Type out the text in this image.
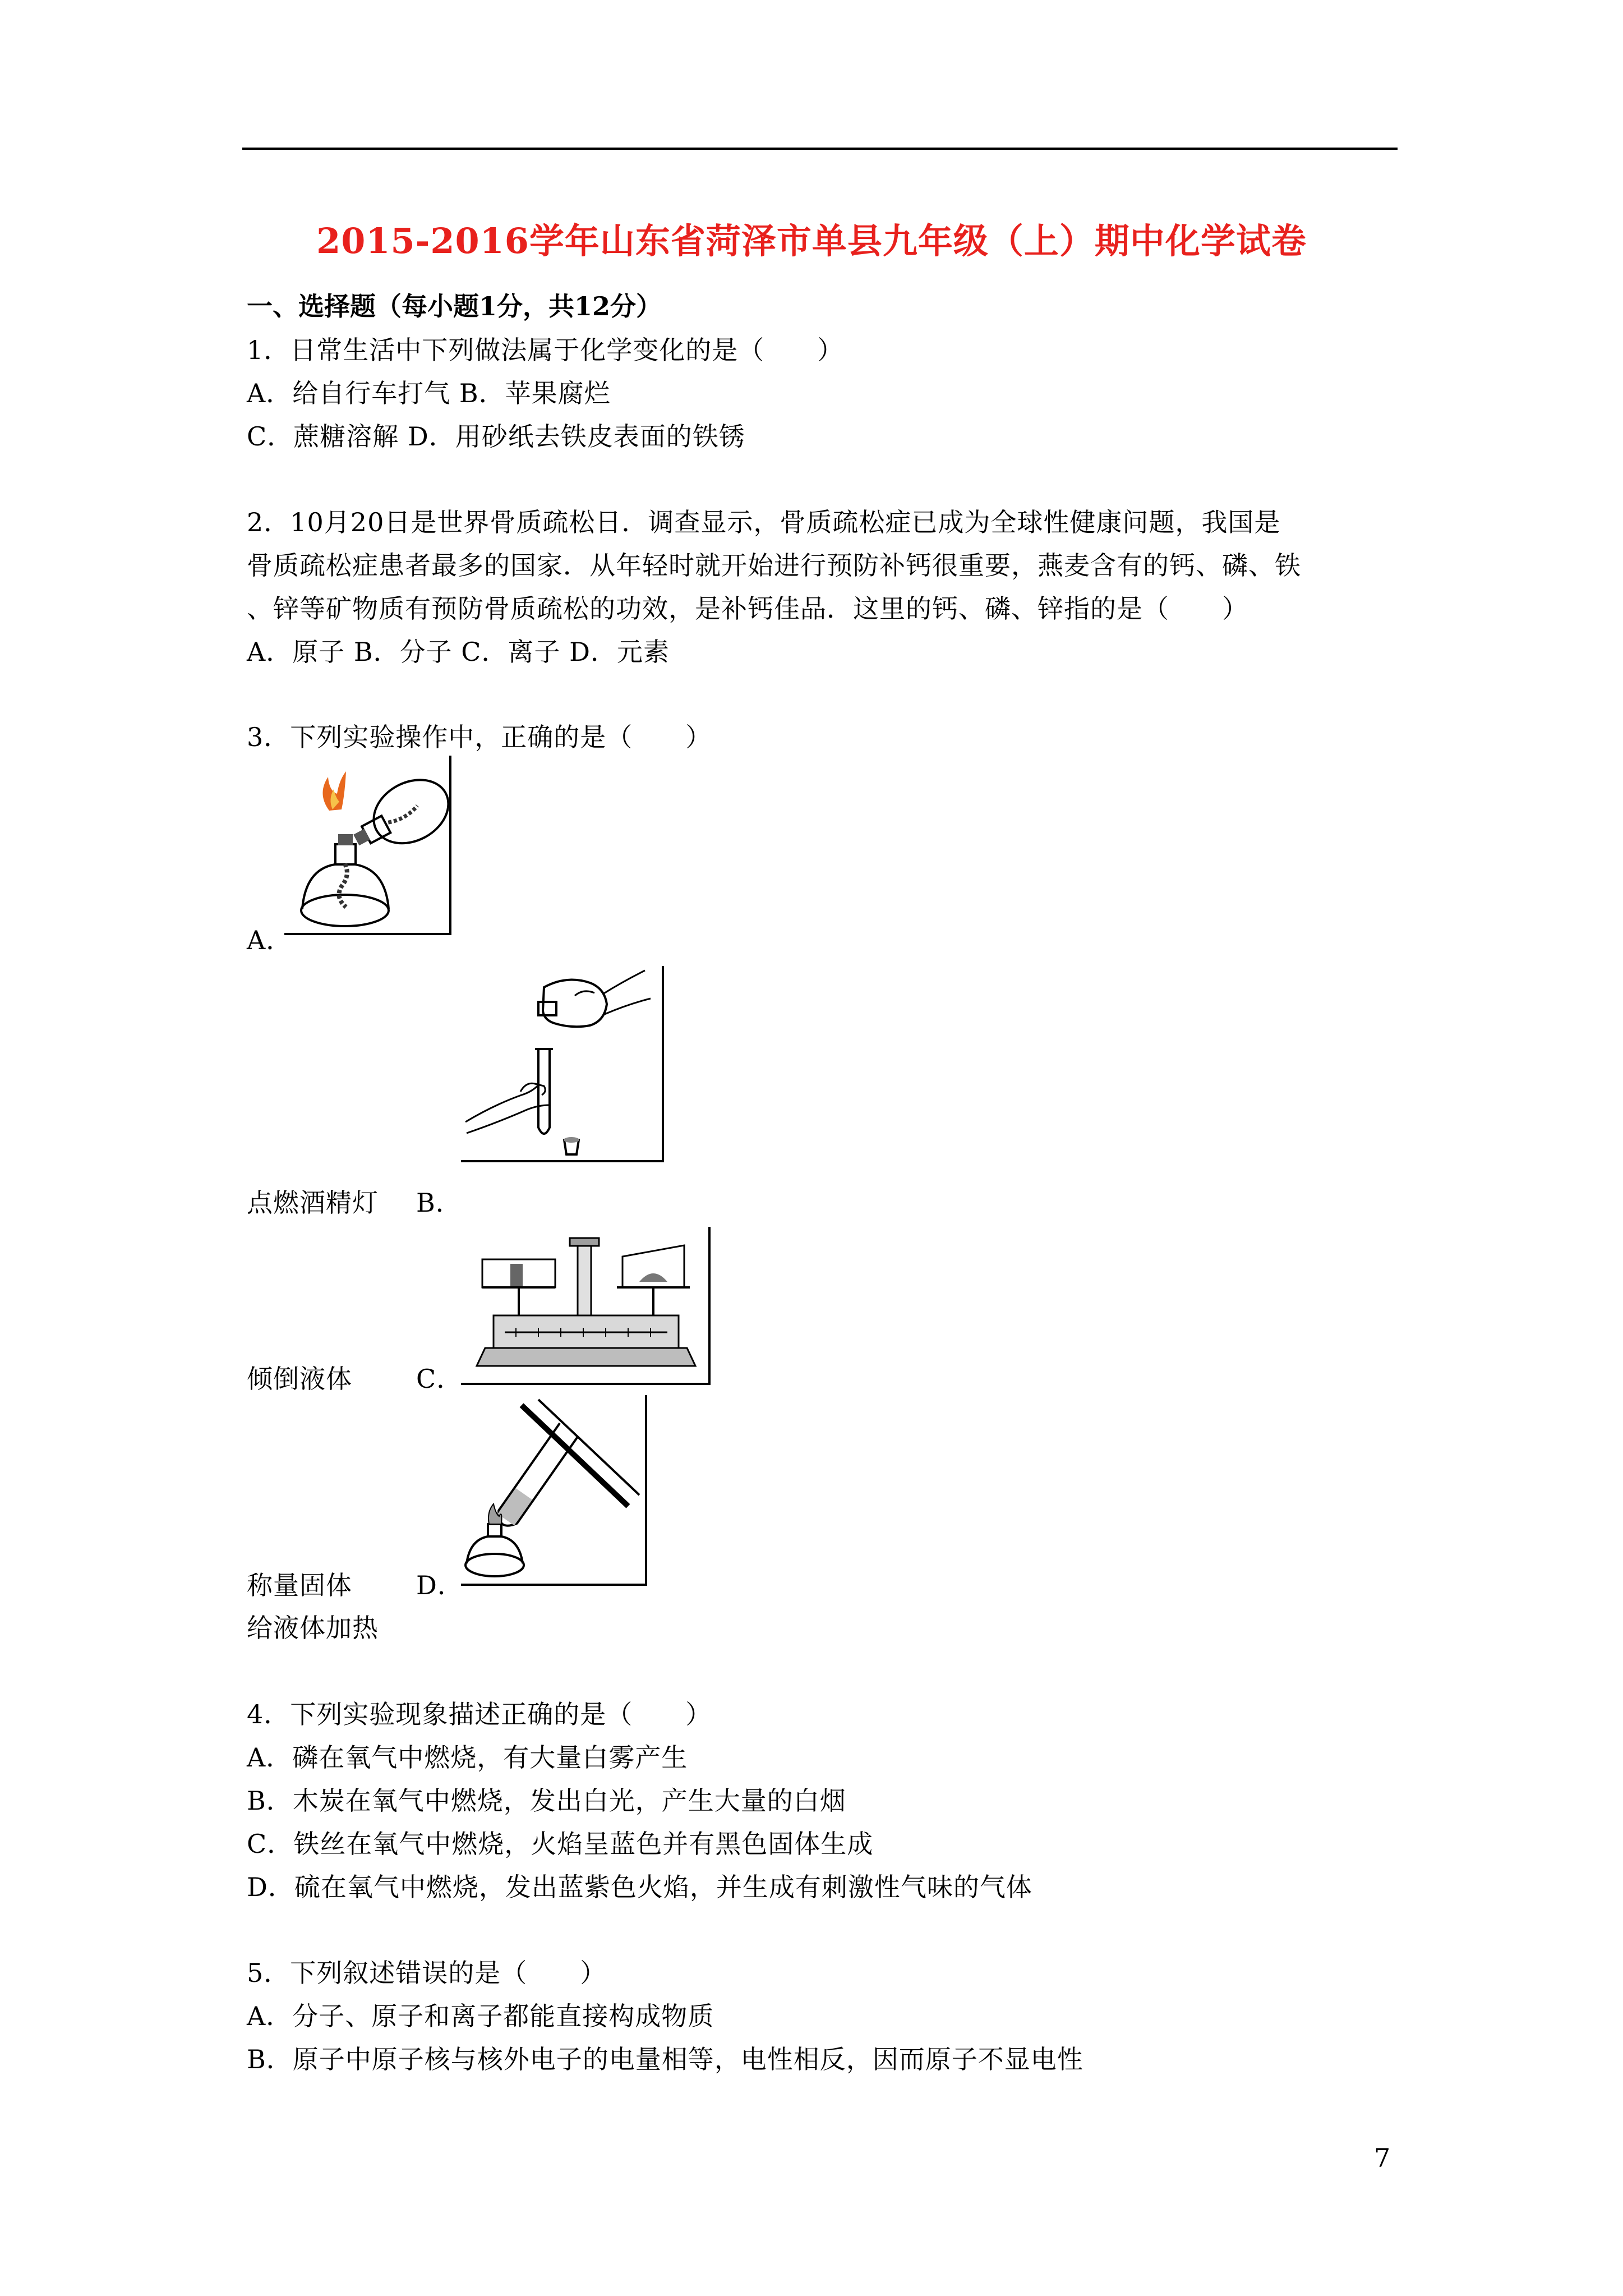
2015-2016学年山东省菏泽市单县九年级（上）期中化学试卷
一、选择题（每小题1分，共12分）
1．日常生活中下列做法属于化学变化的是（　　）
A．给自行车打气 B．苹果腐烂
C．蔗糖溶解 D．用砂纸去铁皮表面的铁锈
2．10月20日是世界骨质疏松日．调查显示，骨质疏松症已成为全球性健康问题，我国是
骨质疏松症患者最多的国家．从年轻时就开始进行预防补钙很重要，燕麦含有的钙、磷、铁
、锌等矿物质有预防骨质疏松的功效，是补钙佳品．这里的钙、磷、锌指的是（　　）
A．原子 B．分子 C．离子 D．元素
3．下列实验操作中，正确的是（　　）
A．
点燃酒精灯 B．
倾倒液体 C．
称量固体 D．
给液体加热
4．下列实验现象描述正确的是（　　）
A．磷在氧气中燃烧，有大量白雾产生
B．木炭在氧气中燃烧，发出白光，产生大量的白烟
C．铁丝在氧气中燃烧，火焰呈蓝色并有黑色固体生成
D．硫在氧气中燃烧，发出蓝紫色火焰，并生成有刺激性气味的气体
5．下列叙述错误的是（　　）
A．分子、原子和离子都能直接构成物质
B．原子中原子核与核外电子的电量相等，电性相反，因而原子不显电性
7
